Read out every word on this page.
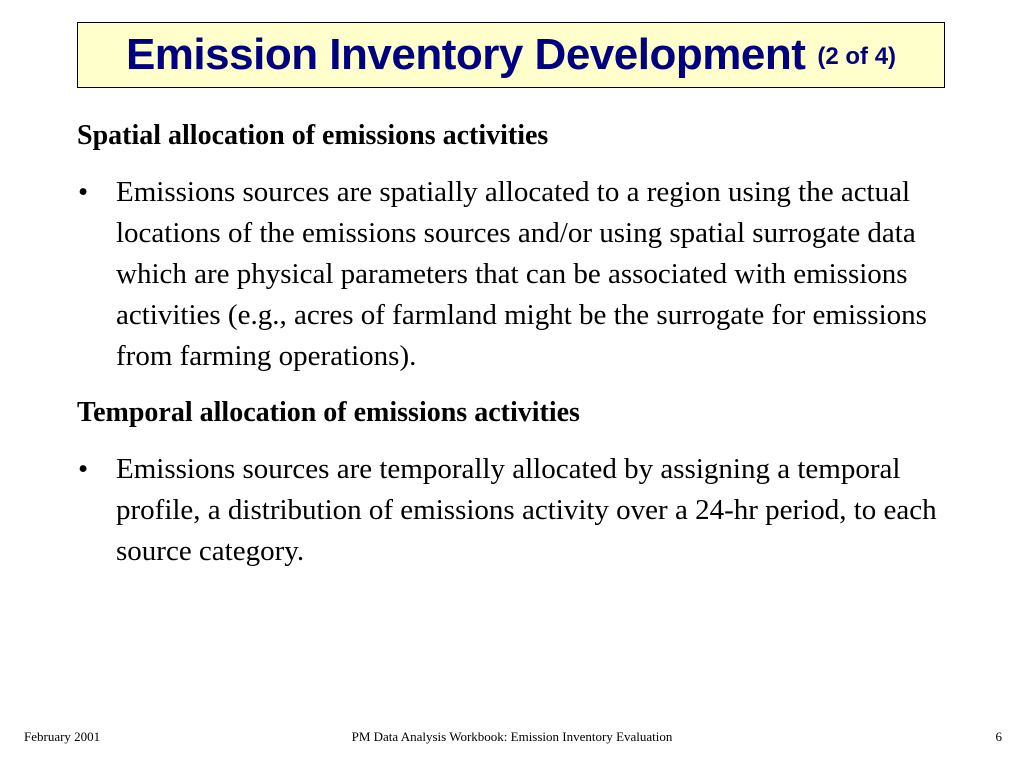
Emission Inventory Development (2 of 4)

Spatial allocation of emissions activities

• Emissions sources are spatially allocated to a region using the actual locations of the emissions sources and/or using spatial surrogate data which are physical parameters that can be associated with emissions activities (e.g., acres of farmland might be the surrogate for emissions from farming operations).

Temporal allocation of emissions activities

• Emissions sources are temporally allocated by assigning a temporal profile, a distribution of emissions activity over a 24-hr period, to each source category.
PM Data Analysis Workbook: Emission Inventory Evaluation
February 2001	6
